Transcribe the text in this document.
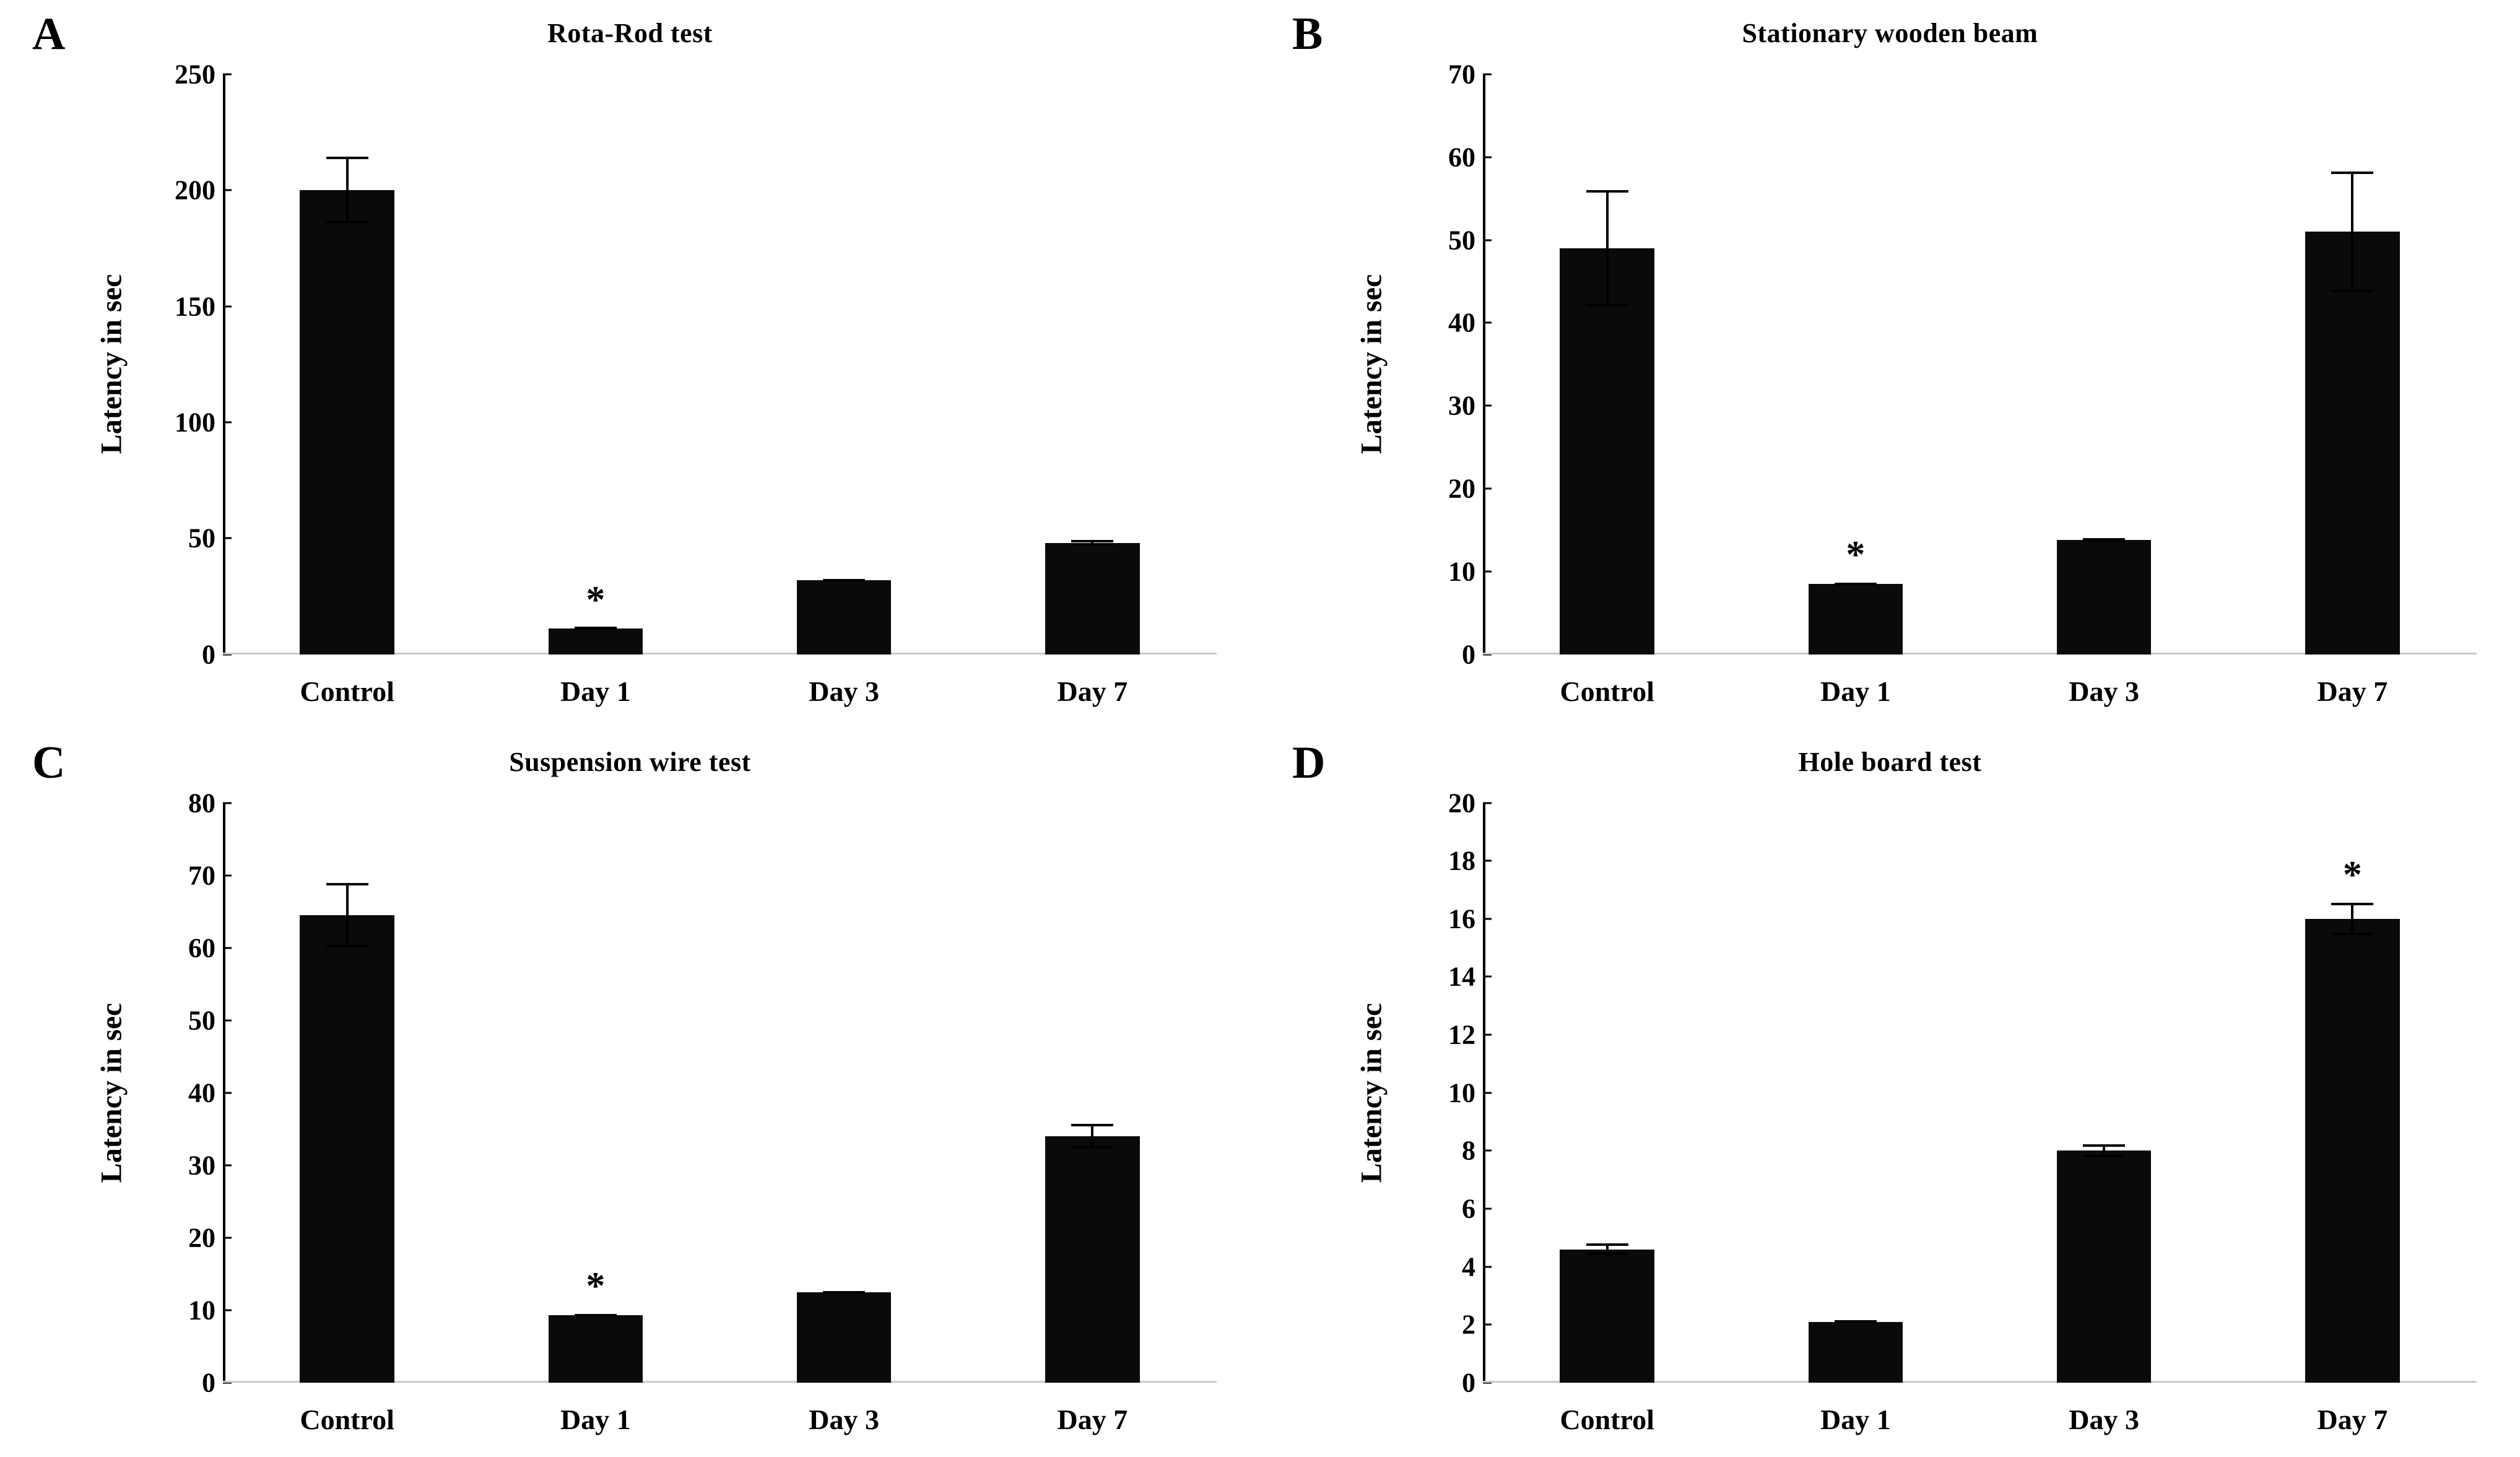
A	Rota-Rod test
Latency in sec
0
50
100
150
200
250
*
Control	Day 1	Day 3	Day 7
B	Stationary wooden beam
Latency in sec
0
10
20
30
40
50
60
70
*
Control	Day 1	Day 3	Day 7
C	Suspension wire test
Latency in sec
0
10
20
30
40
50
60
70
80
*
Control	Day 1	Day 3	Day 7
D	Hole board test
Latency in sec
0
2
4
6
8
10
12
14
16
18
20
*
Control	Day 1	Day 3	Day 7
